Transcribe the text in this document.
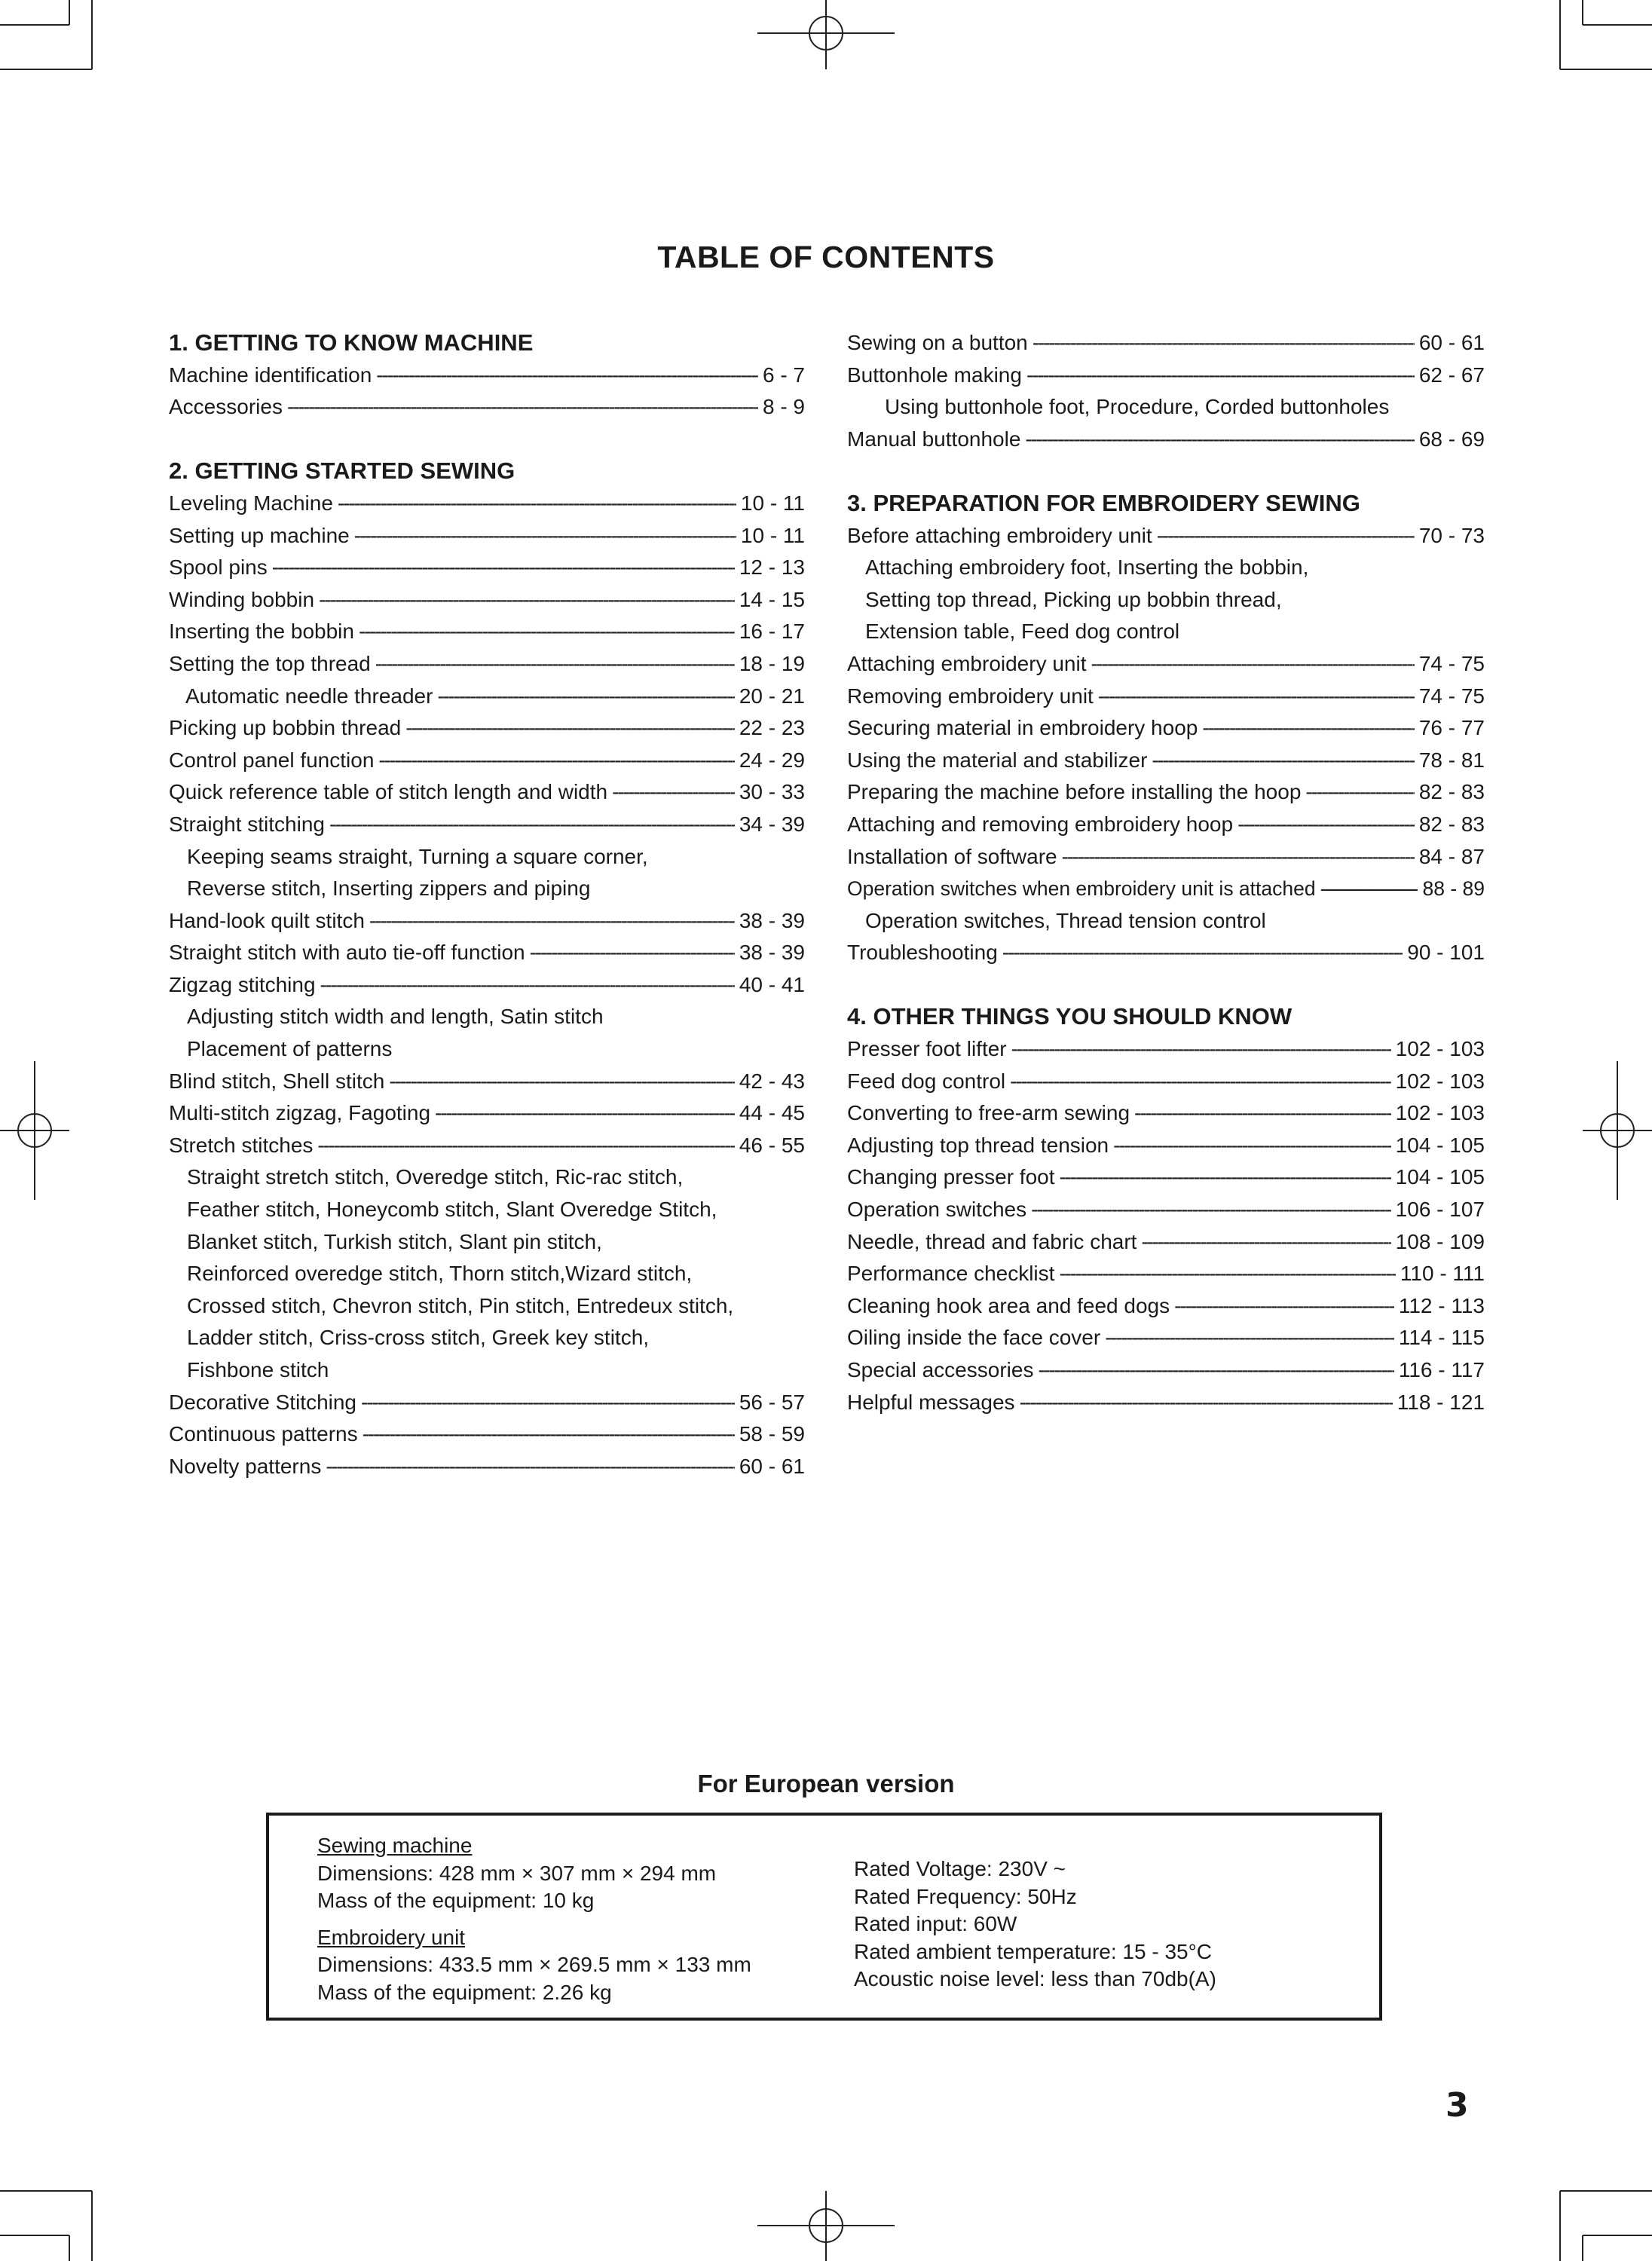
TABLE OF CONTENTS
1. GETTING TO KNOW MACHINE
Machine identification - - -	6 - 7
Accessories - - -	8 - 9
2. GETTING STARTED SEWING
Leveling Machine - - -	10 - 11
Setting up machine - - -	10 - 11
Spool pins - - -	12 - 13
Winding bobbin - - -	14 - 15
Inserting the bobbin - - -	16 - 17
Setting the top thread - - -	18 - 19
Automatic needle threader - - -	20 - 21
Picking up bobbin thread - - -	22 - 23
Control panel function - - -	24 - 29
Quick reference table of stitch length and width - - -	30 - 33
Straight stitching - - -	34 - 39
Keeping seams straight, Turning a square corner,
Reverse stitch, Inserting zippers and piping
Hand-look quilt stitch - - -	38 - 39
Straight stitch with auto tie-off function - - -	38 - 39
Zigzag stitching - - -	40 - 41
Adjusting stitch width and length, Satin stitch
Placement of patterns
Blind stitch, Shell stitch - - -	42 - 43
Multi-stitch zigzag, Fagoting - - -	44 - 45
Stretch stitches - - -	46 - 55
Straight stretch stitch, Overedge stitch, Ric-rac stitch,
Feather stitch, Honeycomb stitch, Slant Overedge Stitch,
Blanket stitch, Turkish stitch, Slant pin stitch,
Reinforced overedge stitch, Thorn stitch,Wizard stitch,
Crossed stitch, Chevron stitch, Pin stitch, Entredeux stitch,
Ladder stitch, Criss-cross stitch, Greek key stitch,
Fishbone stitch
Decorative Stitching - - -	56 - 57
Continuous patterns - - -	58 - 59
Novelty patterns - - -	60 - 61
Sewing on a button - - -	60 - 61
Buttonhole making - - -	62 - 67
Using buttonhole foot, Procedure, Corded buttonholes
Manual buttonhole - - -	68 - 69
3. PREPARATION FOR EMBROIDERY SEWING
Before attaching embroidery unit - - -	70 - 73
Attaching embroidery foot, Inserting the bobbin,
Setting top thread, Picking up bobbin thread,
Extension table, Feed dog control
Attaching embroidery unit - - -	74 - 75
Removing embroidery unit - - -	74 - 75
Securing material in embroidery hoop - - -	76 - 77
Using the material and stabilizer - - -	78 - 81
Preparing the machine before installing the hoop - - -	82 - 83
Attaching and removing embroidery hoop - - -	82 - 83
Installation of software - - -	84 - 87
Operation switches when embroidery unit is attached - - -	88 - 89
Operation switches, Thread tension control
Troubleshooting - - -	90 - 101
4. OTHER THINGS YOU SHOULD KNOW
Presser foot lifter - - -	102 - 103
Feed dog control - - -	102 - 103
Converting to free-arm sewing - - -	102 - 103
Adjusting top thread tension - - -	104 - 105
Changing presser foot - - -	104 - 105
Operation switches - - -	106 - 107
Needle, thread and fabric chart - - -	108 - 109
Performance checklist - - -	110 - 111
Cleaning hook area and feed dogs - - -	112 - 113
Oiling inside the face cover - - -	114 - 115
Special accessories - - -	116 - 117
Helpful messages - - -	118 - 121
For European version
Sewing machine
Dimensions: 428 mm × 307 mm × 294 mm
Mass of the equipment: 10 kg
Embroidery unit
Dimensions: 433.5 mm × 269.5 mm × 133 mm
Mass of the equipment: 2.26 kg
Rated Voltage: 230V ~
Rated Frequency: 50Hz
Rated input: 60W
Rated ambient temperature: 15 - 35°C
Acoustic noise level: less than 70db(A)
3
